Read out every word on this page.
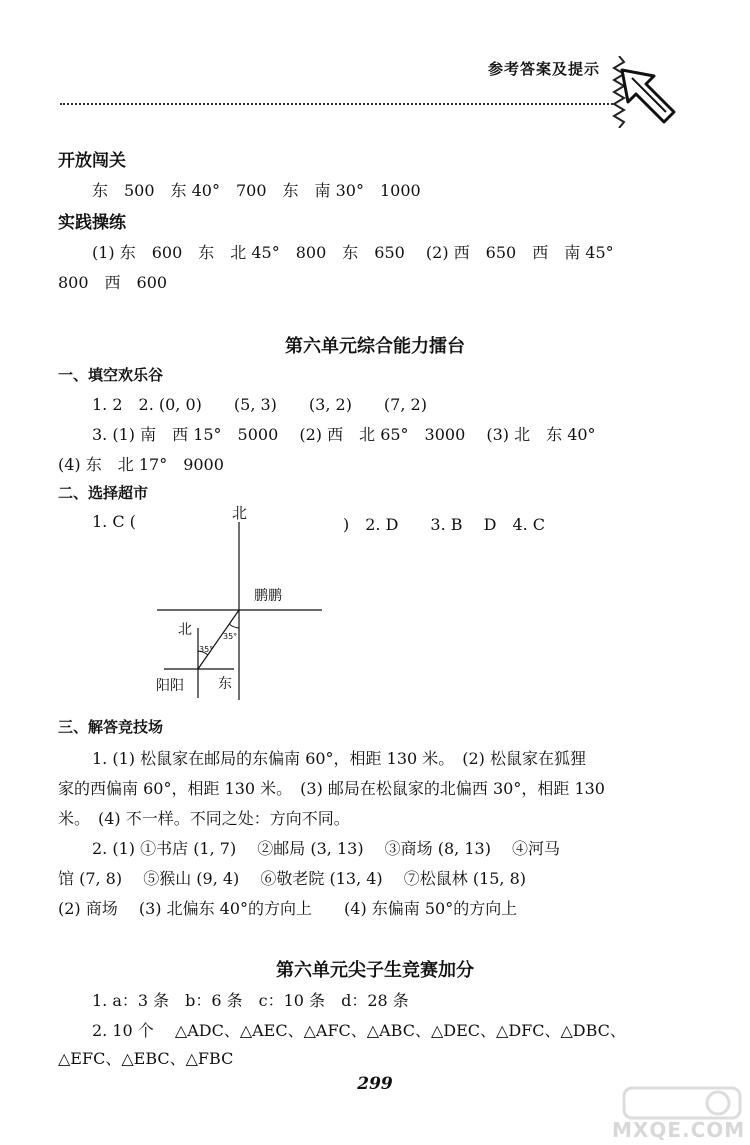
参考答案及提示
开放闯关
东　500　东 40°　700　东　南 30°　1000
实践操练
(1) 东　600　东　北 45°　800　东　650　 (2) 西　650　西　南 45°
800　西　600
第六单元综合能力擂台
一、填空欢乐谷
1. 2　2. (0, 0)　　(5, 3)　　(3, 2)　　(7, 2)
3. (1) 南　西 15°　5000　 (2) 西　北 65°　3000　 (3) 北　东 40°
(4) 东　北 17°　9000
二、选择超市
1. C (	)　2. D　　3. B　 D　4. C
北
鹏鹏
北
阳阳 东
35°
35°
三、解答竞技场
1. (1) 松鼠家在邮局的东偏南 60°，相距 130 米。　(2) 松鼠家在狐狸
家的西偏南 60°，相距 130 米。　(3) 邮局在松鼠家的北偏西 30°，相距 130
米。　(4) 不一样。不同之处：方向不同。
2. (1) ①书店 (1, 7)　 ②邮局 (3, 13)　 ③商场 (8, 13)　 ④河马
馆 (7, 8)　 ⑤猴山 (9, 4)　 ⑥敬老院 (13, 4)　 ⑦松鼠林 (15, 8)
(2) 商场　 (3) 北偏东 40°的方向上　　(4) 东偏南 50°的方向上
第六单元尖子生竞赛加分
1. a：3 条　b：6 条　c：10 条　d：28 条
2. 10 个　 △ADC、△AEC、△AFC、△ABC、△DEC、△DFC、△DBC、
△EFC、△EBC、△FBC
299
MXQE.COM
